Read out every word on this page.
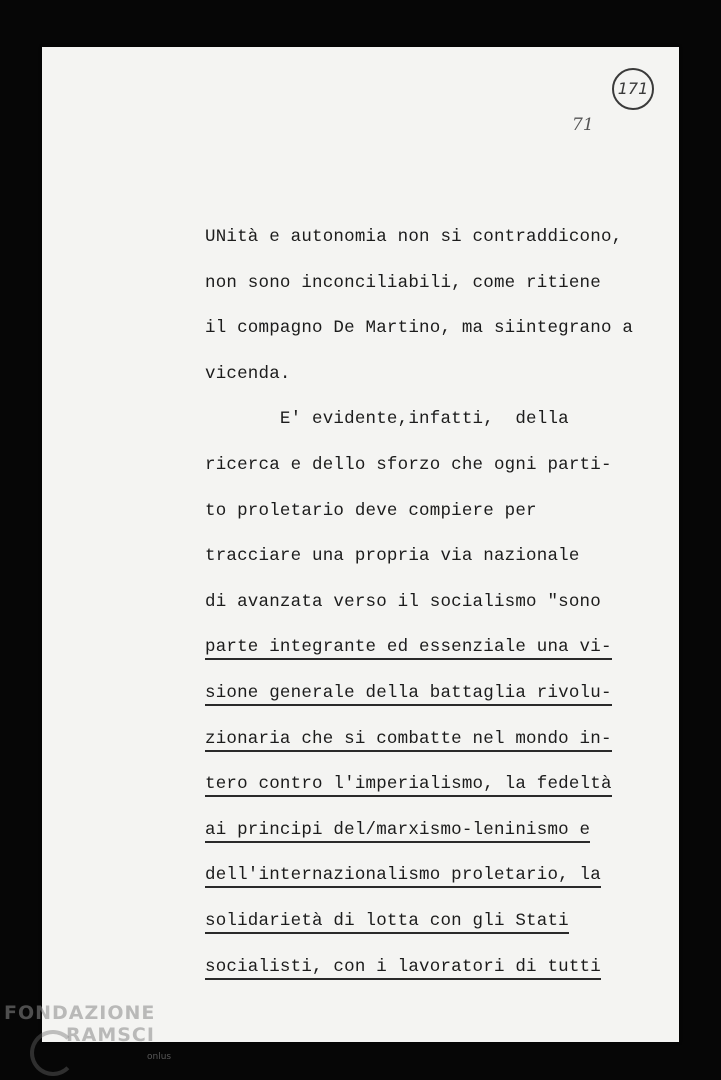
171
71
UNità e autonomia non si contraddicono,
non sono inconciliabili, come ritiene
il compagno De Martino, ma siintegrano a
vicenda.
E' evidente,infatti,  della
ricerca e dello sforzo che ogni parti-
to proletario deve compiere per
tracciare una propria via nazionale
di avanzata verso il socialismo "sono
parte integrante ed essenziale una vi-
sione generale della battaglia rivolu-
zionaria che si combatte nel mondo in-
tero contro l'imperialismo, la fedeltà
ai principi del/marxismo-leninismo e
dell'internazionalismo proletario, la
solidarietà di lotta con gli Stati
socialisti, con i lavoratori di tutti
FONDAZIONE
RAMSCI
onlus
